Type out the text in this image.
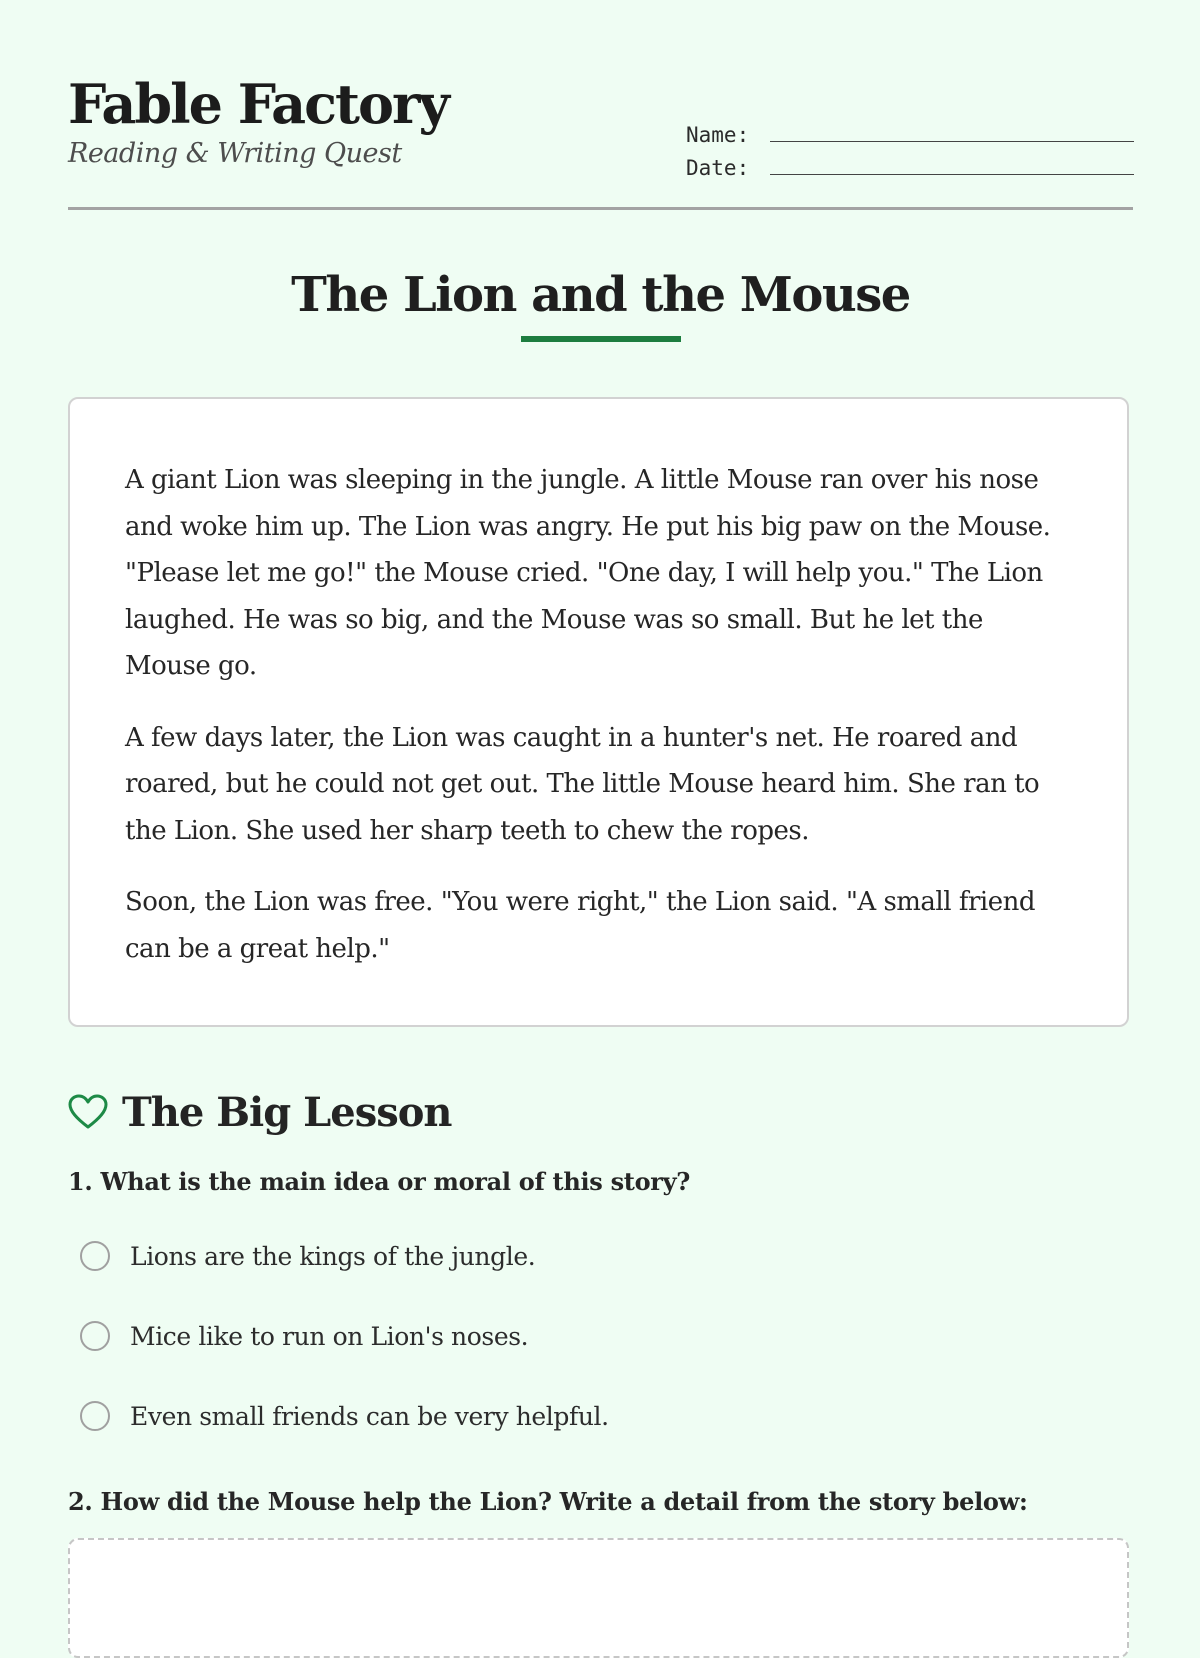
Fable Factory
Reading & Writing Quest
Name:
Date:
The Lion and the Mouse

A giant Lion was sleeping in the jungle. A little Mouse ran over his nose and woke him up. The Lion was angry. He put his big paw on the Mouse. "Please let me go!" the Mouse cried. "One day, I will help you." The Lion laughed. He was so big, and the Mouse was so small. But he let the Mouse go.

A few days later, the Lion was caught in a hunter's net. He roared and roared, but he could not get out. The little Mouse heard him. She ran to the Lion. She used her sharp teeth to chew the ropes.

Soon, the Lion was free. "You were right," the Lion said. "A small friend can be a great help."

The Big Lesson

1. What is the main idea or moral of this story?

Lions are the kings of the jungle.
Mice like to run on Lion's noses.
Even small friends can be very helpful.

2. How did the Mouse help the Lion? Write a detail from the story below:
